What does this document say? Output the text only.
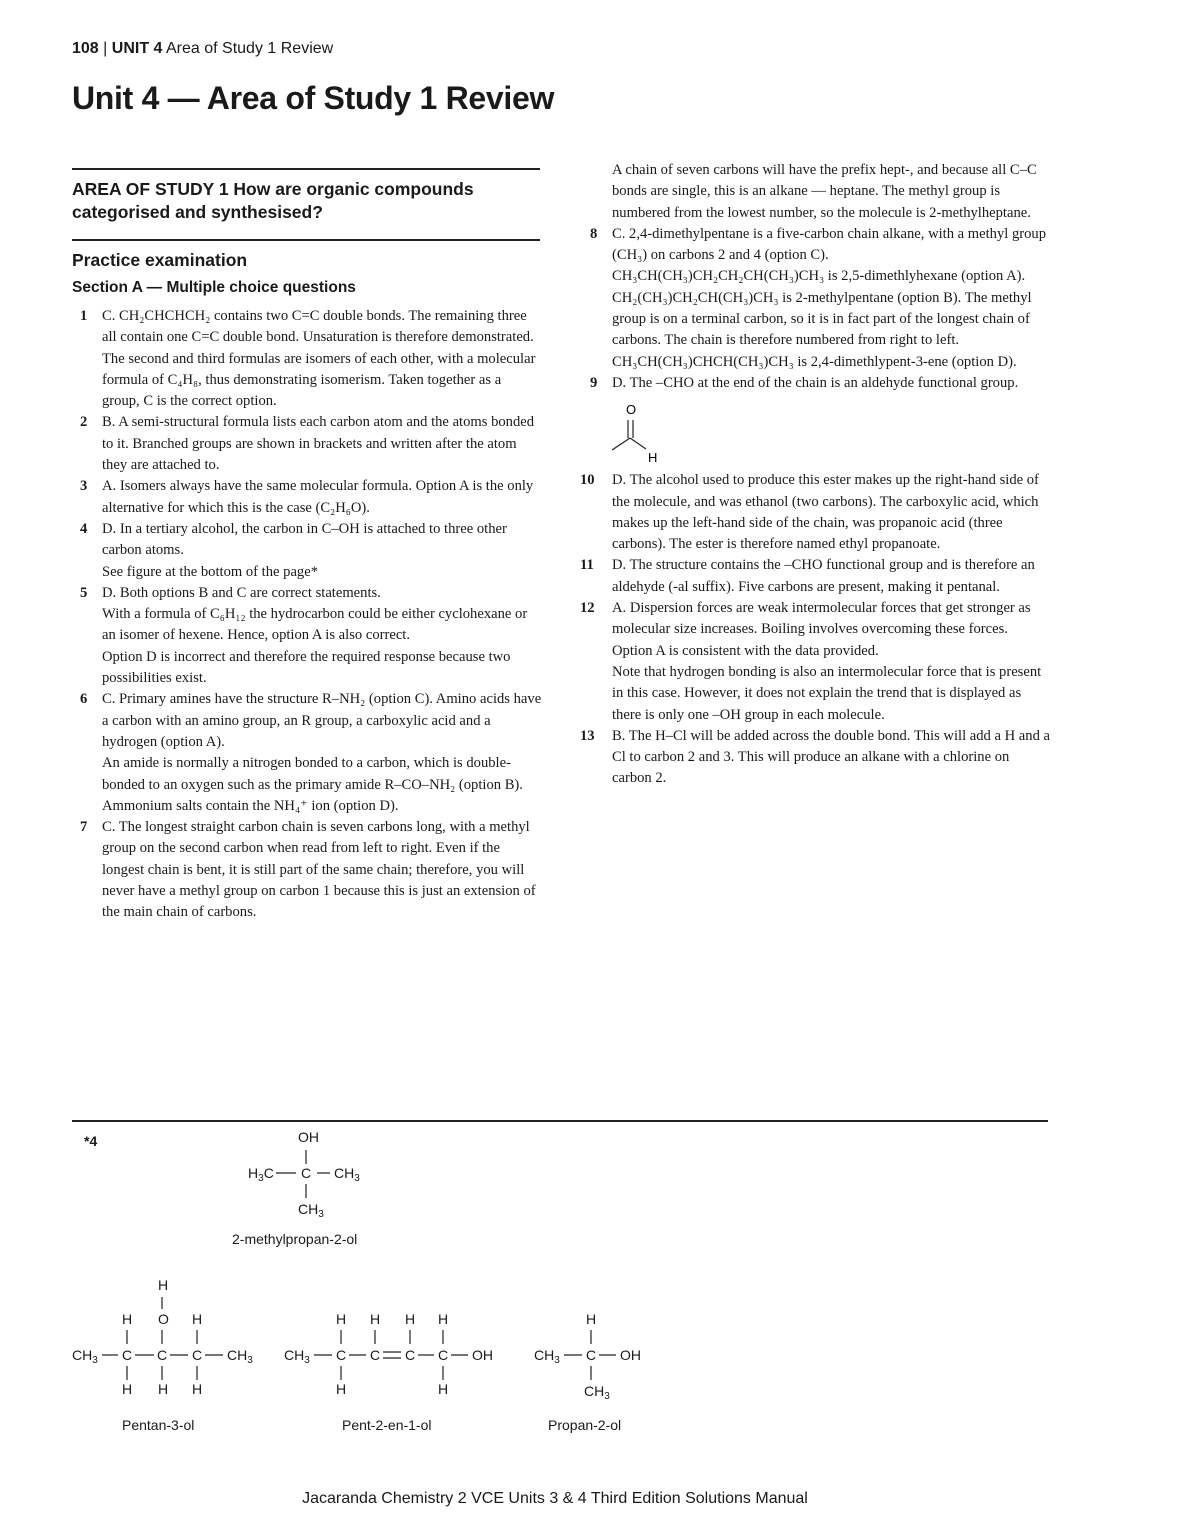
108 | UNIT 4 Area of Study 1 Review
Unit 4 — Area of Study 1 Review
AREA OF STUDY 1 How are organic compounds categorised and synthesised?
Practice examination
Section A — Multiple choice questions
1	C. CH₂CHCHCH₂ contains two C=C double bonds. The remaining three all contain one C=C double bond. Unsaturation is therefore demonstrated. The second and third formulas are isomers of each other, with a molecular formula of C₄H₈, thus demonstrating isomerism. Taken together as a group, C is the correct option.

2	B. A semi-structural formula lists each carbon atom and the atoms bonded to it. Branched groups are shown in brackets and written after the atom they are attached to.

3	A. Isomers always have the same molecular formula. Option A is the only alternative for which this is the case (C₂H₆O).

4	D. In a tertiary alcohol, the carbon in C–OH is attached to three other carbon atoms.

See figure at the bottom of the page*

5	D. Both options B and C are correct statements.

With a formula of C₆H₁₂ the hydrocarbon could be either cyclohexane or an isomer of hexene. Hence, option A is also correct.

Option D is incorrect and therefore the required response because two possibilities exist.

6	C. Primary amines have the structure R–NH₂ (option C). Amino acids have a carbon with an amino group, an R group, a carboxylic acid and a hydrogen (option A).

An amide is normally a nitrogen bonded to a carbon, which is double-bonded to an oxygen such as the primary amide R–CO–NH₂ (option B). Ammonium salts contain the NH₄⁺ ion (option D).

7	C. The longest straight carbon chain is seven carbons long, with a methyl group on the second carbon when read from left to right. Even if the longest chain is bent, it is still part of the same chain; therefore, you will never have a methyl group on carbon 1 because this is just an extension of the main chain of carbons.

A chain of seven carbons will have the prefix hept-, and because all C–C bonds are single, this is an alkane — heptane. The methyl group is numbered from the lowest number, so the molecule is 2-methylheptane.

8	C. 2,4-dimethylpentane is a five-carbon chain alkane, with a methyl group (CH₃) on carbons 2 and 4 (option C).

CH₃CH(CH₃)CH₂CH₂CH(CH₃)CH₃ is 2,5-dimethlyhexane (option A).

CH₂(CH₃)CH₂CH(CH₃)CH₃ is 2-methylpentane (option B). The methyl group is on a terminal carbon, so it is in fact part of the longest chain of carbons. The chain is therefore numbered from right to left.

CH₃CH(CH₃)CHCH(CH₃)CH₃ is 2,4-dimethlypent-3-ene (option D).

9	D. The –CHO at the end of the chain is an aldehyde functional group.

O
H
10	D. The alcohol used to produce this ester makes up the right-hand side of the molecule, and was ethanol (two carbons). The carboxylic acid, which makes up the left-hand side of the chain, was propanoic acid (three carbons). The ester is therefore named ethyl propanoate.

11	D. The structure contains the –CHO functional group and is therefore an aldehyde (-al suffix). Five carbons are present, making it pentanal.

12	A. Dispersion forces are weak intermolecular forces that get stronger as molecular size increases. Boiling involves overcoming these forces. Option A is consistent with the data provided.

Note that hydrogen bonding is also an intermolecular force that is present in this case. However, it does not explain the trend that is displayed as there is only one –OH group in each molecule.

13	B. The H–Cl will be added across the double bond. This will add a H and a Cl to carbon 2 and 3. This will produce an alkane with a chlorine on carbon 2.

*4	OH
$H_3C$ C $CH_3$
$CH_3$
2-methylpropan-2-ol
H
H O H
$CH_3$ C C C $CH_3$
H H H
Pentan-3-ol
H H H H
$CH_3$ C C C C OH
H	H
Pent-2-en-1-ol
H
$CH_3$ C OH
$CH_3$
Propan-2-ol
Jacaranda Chemistry 2 VCE Units 3 & 4 Third Edition Solutions Manual
